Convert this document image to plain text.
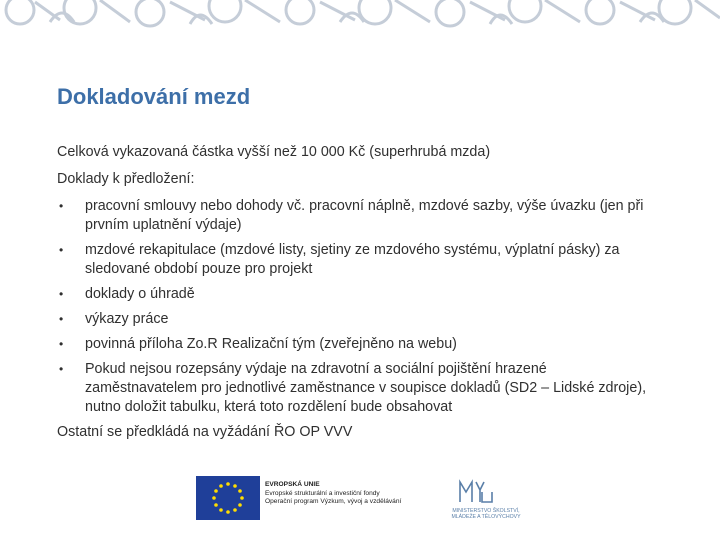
Dokladování mezd

Celková vykazovaná částka vyšší než 10 000 Kč (superhrubá mzda)

Doklady k předložení:

• pracovní smlouvy nebo dohody vč. pracovní náplně, mzdové sazby, výše úvazku (jen při prvním uplatnění výdaje)
• mzdové rekapitulace (mzdové listy, sjetiny ze mzdového systému, výplatní pásky) za sledované období pouze pro projekt
• doklady o úhradě
• výkazy práce
• povinná příloha Zo.R Realizační tým (zveřejněno na webu)
• Pokud nejsou rozepsány výdaje na zdravotní a sociální pojištění hrazené zaměstnavatelem pro jednotlivé zaměstnance v soupisce dokladů (SD2 – Lidské zdroje), nutno doložit tabulku, která toto rozdělení bude obsahovat

Ostatní se předkládá na vyžádání ŘO OP VVV

EVROPSKÁ UNIE
Evropské strukturální a investiční fondy
Operační program Výzkum, vývoj a vzdělávání
MINISTERSTVO ŠKOLSTVÍ, MLÁDEŽE A TĚLOVÝCHOVY
